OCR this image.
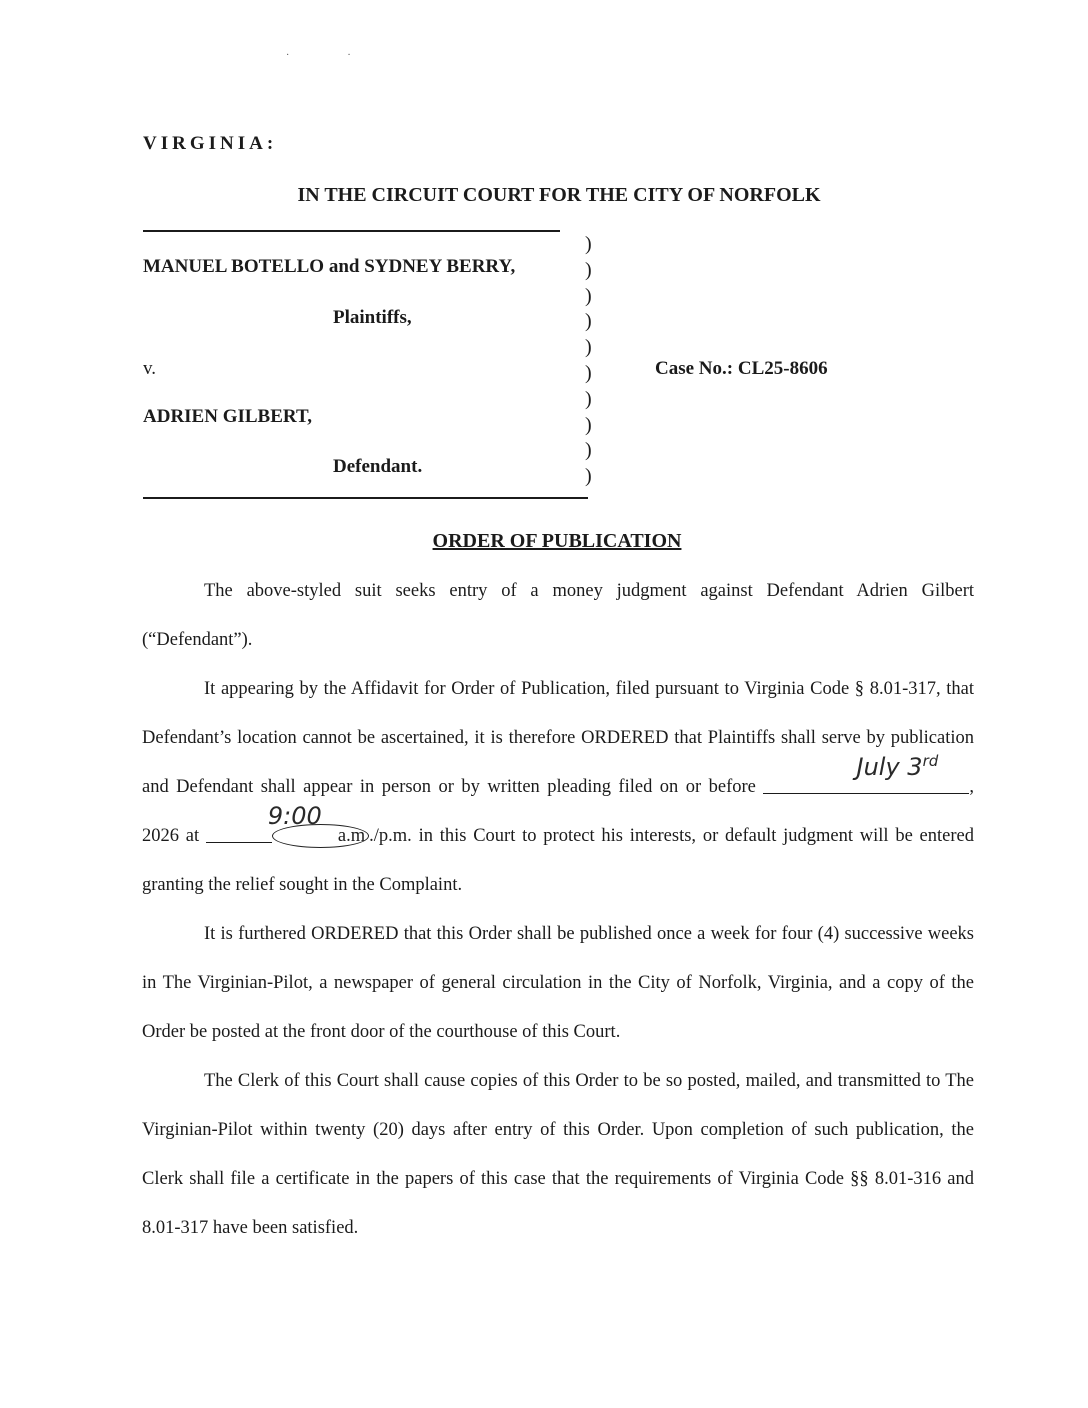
··
VIRGINIA:
IN THE CIRCUIT COURT FOR THE CITY OF NORFOLK
MANUEL BOTELLO and SYDNEY BERRY,
Plaintiffs,
v.
ADRIEN GILBERT,
Defendant.
)
)
)
)
)
)
)
)
)
)
Case No.: CL25-8606
ORDER OF PUBLICATION

The above-styled suit seeks entry of a money judgment against Defendant Adrien Gilbert (“Defendant”).

It appearing by the Affidavit for Order of Publication, filed pursuant to Virginia Code § 8.01-317, that Defendant’s location cannot be ascertained, it is therefore ORDERED that Plaintiffs shall serve by publication and Defendant shall appear in person or by written pleading filed on or before
July 3rd
, 2026 at
9:00
a.m ./p.m. in this Court to protect his interests, or default judgment will be entered granting the relief sought in the Complaint.

It is furthered ORDERED that this Order shall be published once a week for four (4) successive weeks in The Virginian-Pilot, a newspaper of general circulation in the City of Norfolk, Virginia, and a copy of the Order be posted at the front door of the courthouse of this Court.

The Clerk of this Court shall cause copies of this Order to be so posted, mailed, and transmitted to The Virginian-Pilot within twenty (20) days after entry of this Order. Upon completion of such publication, the Clerk shall file a certificate in the papers of this case that the requirements of Virginia Code §§ 8.01-316 and 8.01-317 have been satisfied.
